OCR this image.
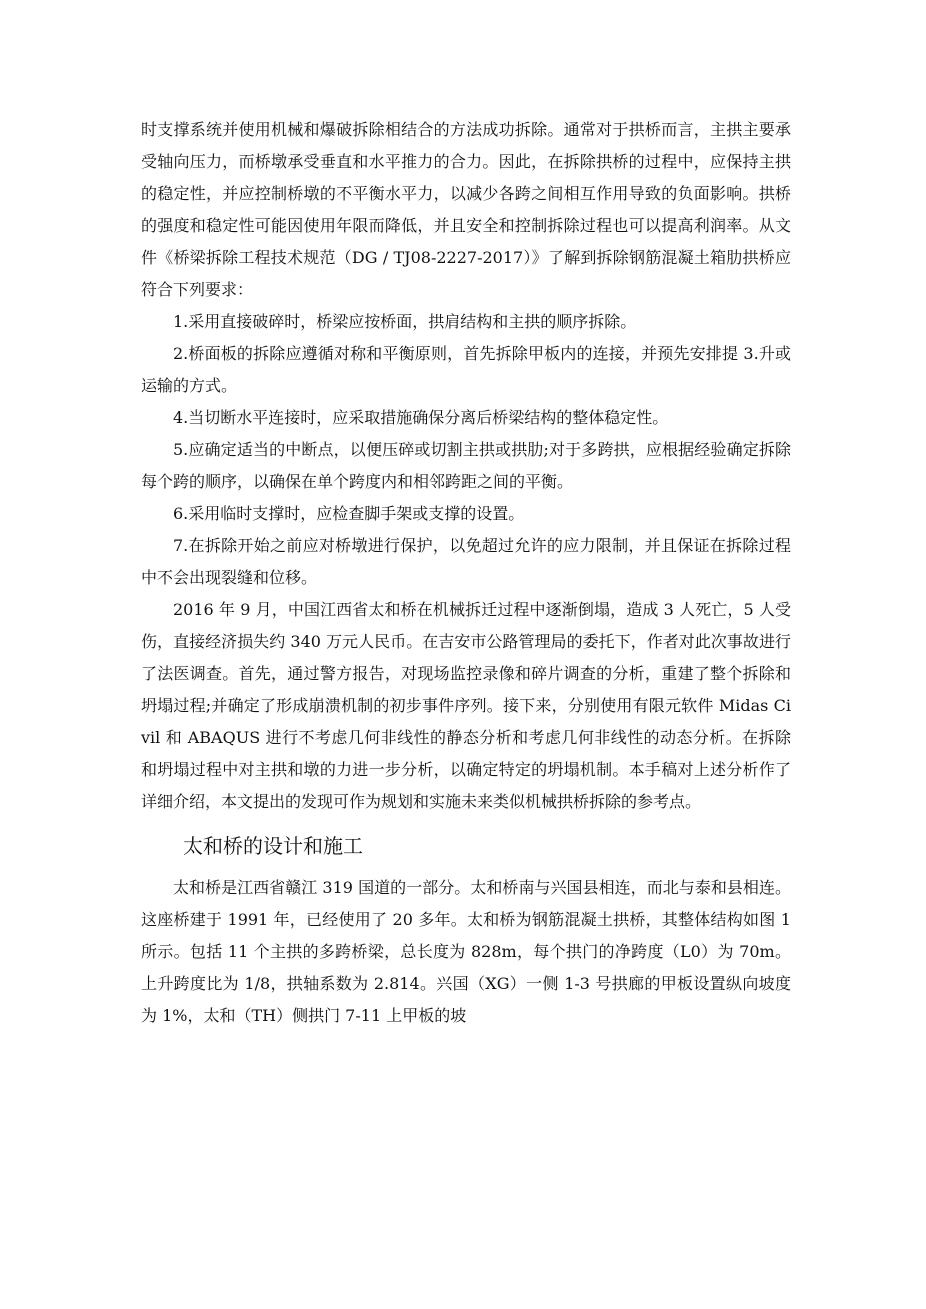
时支撑系统并使用机械和爆破拆除相结合的方法成功拆除。通常对于拱桥而言，主拱主要承受轴向压力，而桥墩承受垂直和水平推力的合力。因此，在拆除拱桥的过程中，应保持主拱的稳定性，并应控制桥墩的不平衡水平力，以减少各跨之间相互作用导致的负面影响。拱桥的强度和稳定性可能因使用年限而降低，并且安全和控制拆除过程也可以提高利润率。从文件《桥梁拆除工程技术规范（DG / TJ08-2227-2017）》了解到拆除钢筋混凝土箱肋拱桥应符合下列要求：

1.采用直接破碎时，桥梁应按桥面，拱肩结构和主拱的顺序拆除。

2.桥面板的拆除应遵循对称和平衡原则，首先拆除甲板内的连接，并预先安排提 3.升或运输的方式。

4.当切断水平连接时，应采取措施确保分离后桥梁结构的整体稳定性。

5.应确定适当的中断点，以便压碎或切割主拱或拱肋;对于多跨拱，应根据经验确定拆除每个跨的顺序，以确保在单个跨度内和相邻跨距之间的平衡。

6.采用临时支撑时，应检查脚手架或支撑的设置。

7.在拆除开始之前应对桥墩进行保护，以免超过允许的应力限制，并且保证在拆除过程中不会出现裂缝和位移。

2016 年 9 月，中国江西省太和桥在机械拆迁过程中逐渐倒塌，造成 3 人死亡，5 人受伤，直接经济损失约 340 万元人民币。在吉安市公路管理局的委托下，作者对此次事故进行了法医调查。首先，通过警方报告，对现场监控录像和碎片调查的分析，重建了整个拆除和坍塌过程;并确定了形成崩溃机制的初步事件序列。接下来，分别使用有限元软件 Midas Civil 和 ABAQUS 进行不考虑几何非线性的静态分析和考虑几何非线性的动态分析。在拆除和坍塌过程中对主拱和墩的力进一步分析，以确定特定的坍塌机制。本手稿对上述分析作了详细介绍，本文提出的发现可作为规划和实施未来类似机械拱桥拆除的参考点。

太和桥的设计和施工

太和桥是江西省赣江 319 国道的一部分。太和桥南与兴国县相连，而北与泰和县相连。这座桥建于 1991 年，已经使用了 20 多年。太和桥为钢筋混凝土拱桥，其整体结构如图 1 所示。包括 11 个主拱的多跨桥梁，总长度为 828m，每个拱门的净跨度（L0）为 70m。上升跨度比为 1/8，拱轴系数为 2.814。兴国（XG）一侧 1-3 号拱廊的甲板设置纵向坡度为 1%，太和（TH）侧拱门 7-11 上甲板的坡
